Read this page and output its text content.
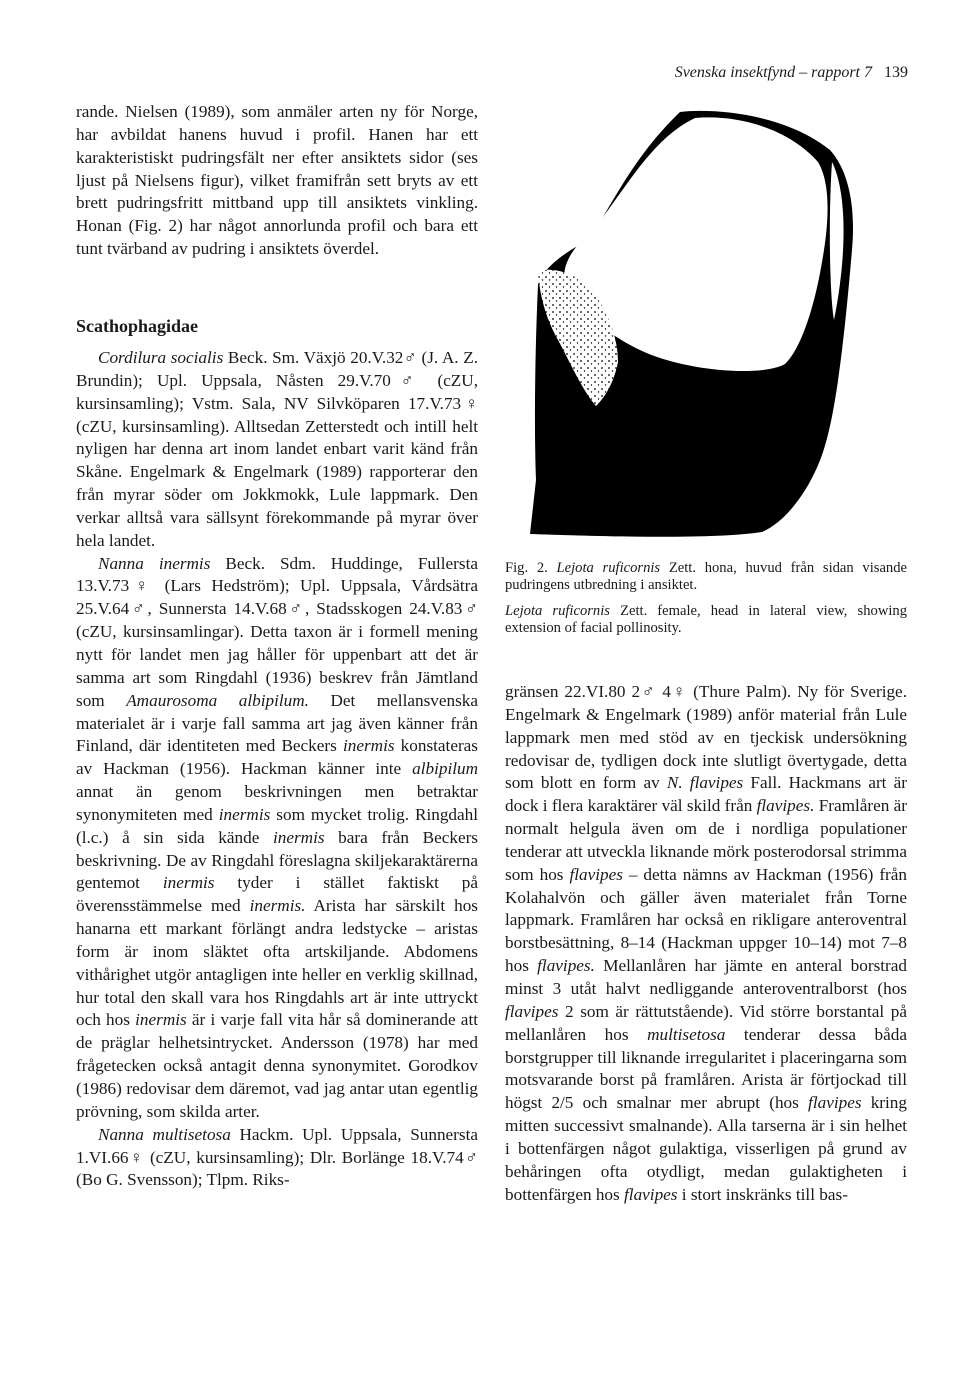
Svenska insektfynd – rapport 7 139

rande. Nielsen (1989), som anmäler arten ny för Norge, har avbildat hanens huvud i profil. Hanen har ett karakteristiskt pudringsfält ner efter ansiktets sidor (ses ljust på Nielsens figur), vilket framifrån sett bryts av ett brett pudringsfritt mittband upp till ansiktets vinkling. Honan (Fig. 2) har något annorlunda profil och bara ett tunt tvärband av pudring i ansiktets överdel.

Scathophagidae

Cordilura socialis Beck. Sm. Växjö 20.V.32♂ (J. A. Z. Brundin); Upl. Uppsala, Nåsten 29.V.70♂ (cZU, kursinsamling); Vstm. Sala, NV Silvköparen 17.V.73♀ (cZU, kursinsamling). Alltsedan Zetterstedt och intill helt nyligen har denna art inom landet enbart varit känd från Skåne. Engelmark & Engelmark (1989) rapporterar den från myrar söder om Jokkmokk, Lule lappmark. Den verkar alltså vara sällsynt förekommande på myrar över hela landet.

Nanna inermis Beck. Sdm. Huddinge, Fullersta 13.V.73♀ (Lars Hedström); Upl. Uppsala, Vårdsätra 25.V.64♂, Sunnersta 14.V.68♂, Stadsskogen 24.V.83♂ (cZU, kursinsamlingar). Detta taxon är i formell mening nytt för landet men jag håller för uppenbart att det är samma art som Ringdahl (1936) beskrev från Jämtland som Amaurosoma albipilum. Det mellansvenska materialet är i varje fall samma art jag även känner från Finland, där identiteten med Beckers inermis konstateras av Hackman (1956). Hackman känner inte albipilum annat än genom beskrivningen men betraktar synonymiteten med inermis som mycket trolig. Ringdahl (l.c.) å sin sida kände inermis bara från Beckers beskrivning. De av Ringdahl föreslagna skiljekaraktärerna gentemot inermis tyder i stället faktiskt på överensstämmelse med inermis. Arista har särskilt hos hanarna ett markant förlängt andra ledstycke – aristas form är inom släktet ofta artskiljande. Abdomens vithårighet utgör antagligen inte heller en verklig skillnad, hur total den skall vara hos Ringdahls art är inte uttryckt och hos inermis är i varje fall vita hår så dominerande att de präglar helhetsintrycket. Andersson (1978) har med frågetecken också antagit denna synonymitet. Gorodkov (1986) redovisar dem däremot, vad jag antar utan egentlig prövning, som skilda arter.

Nanna multisetosa Hackm. Upl. Uppsala, Sunnersta 1.VI.66♀ (cZU, kursinsamling); Dlr. Borlänge 18.V.74♂ (Bo G. Svensson); Tlpm. Riks-

Fig. 2. Lejota ruficornis Zett. hona, huvud från sidan visande pudringens utbredning i ansiktet.

Lejota ruficornis Zett. female, head in lateral view, showing extension of facial pollinosity.

gränsen 22.VI.80 2♂ 4♀ (Thure Palm). Ny för Sverige. Engelmark & Engelmark (1989) anför material från Lule lappmark men med stöd av en tjeckisk undersökning redovisar de, tydligen dock inte slutligt övertygade, detta som blott en form av N. flavipes Fall. Hackmans art är dock i flera karaktärer väl skild från flavipes. Framlåren är normalt helgula även om de i nordliga populationer tenderar att utveckla liknande mörk posterodorsal strimma som hos flavipes – detta nämns av Hackman (1956) från Kolahalvön och gäller även materialet från Torne lappmark. Framlåren har också en rikligare anteroventral borstbesättning, 8–14 (Hackman uppger 10–14) mot 7–8 hos flavipes. Mellanlåren har jämte en anteral borstrad minst 3 utåt halvt nedliggande anteroventralborst (hos flavipes 2 som är rättutstående). Vid större borstantal på mellanlåren hos multisetosa tenderar dessa båda borstgrupper till liknande irregularitet i placeringarna som motsvarande borst på framlåren. Arista är förtjockad till högst 2/5 och smalnar mer abrupt (hos flavipes kring mitten successivt smalnande). Alla tarserna är i sin helhet i bottenfärgen något gulaktiga, visserligen på grund av behåringen ofta otydligt, medan gulaktigheten i bottenfärgen hos flavipes i stort inskränks till bas-
